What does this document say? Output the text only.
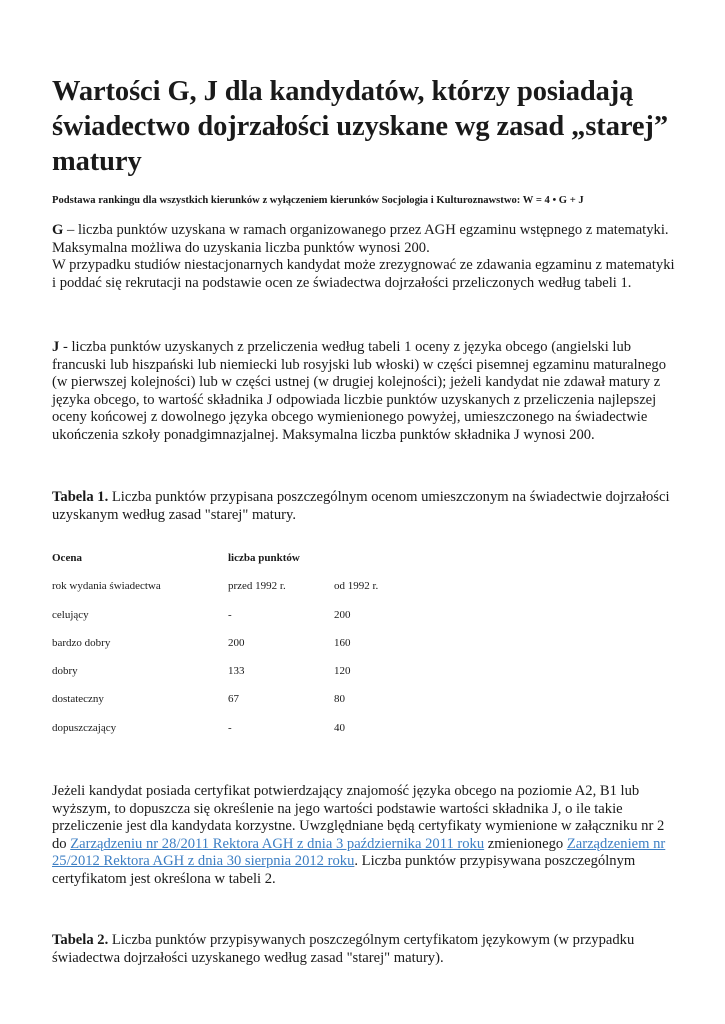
Wartości G, J dla kandydatów, którzy posiadają świadectwo dojrzałości uzyskane wg zasad „starej” matury

Podstawa rankingu dla wszystkich kierunków z wyłączeniem kierunków Socjologia i Kulturoznawstwo: W = 4 • G + J

G – liczba punktów uzyskana w ramach organizowanego przez AGH egzaminu wstępnego z matematyki.
Maksymalna możliwa do uzyskania liczba punktów wynosi 200.
W przypadku studiów niestacjonarnych kandydat może zrezygnować ze zdawania egzaminu z matematyki i poddać się rekrutacji na podstawie ocen ze świadectwa dojrzałości przeliczonych według tabeli 1.

J - liczba punktów uzyskanych z przeliczenia według tabeli 1 oceny z języka obcego (angielski lub francuski lub hiszpański lub niemiecki lub rosyjski lub włoski) w części pisemnej egzaminu maturalnego (w pierwszej kolejności) lub w części ustnej (w drugiej kolejności); jeżeli kandydat nie zdawał matury z języka obcego, to wartość składnika J odpowiada liczbie punktów uzyskanych z przeliczenia najlepszej oceny końcowej z dowolnego języka obcego wymienionego powyżej, umieszczonego na świadectwie ukończenia szkoły ponadgimnazjalnej. Maksymalna liczba punktów składnika J wynosi 200.

Tabela 1. Liczba punktów przypisana poszczególnym ocenom umieszczonym na świadectwie dojrzałości uzyskanym według zasad "starej" matury.

Ocena	liczba punktów
rok wydania świadectwa	przed 1992 r.	od 1992 r.
celujący	-	200
bardzo dobry	200	160
dobry	133	120
dostateczny	67	80
dopuszczający	-	40

Jeżeli kandydat posiada certyfikat potwierdzający znajomość języka obcego na poziomie A2, B1 lub wyższym, to dopuszcza się określenie na jego wartości podstawie wartości składnika J, o ile takie przeliczenie jest dla kandydata korzystne. Uwzględniane będą certyfikaty wymienione w załączniku nr 2 do Zarządzeniu nr 28/2011 Rektora AGH z dnia 3 października 2011 roku zmienionego Zarządzeniem nr 25/2012 Rektora AGH z dnia 30 sierpnia 2012 roku. Liczba punktów przypisywana poszczególnym certyfikatom jest określona w tabeli 2.

Tabela 2. Liczba punktów przypisywanych poszczególnym certyfikatom językowym (w przypadku świadectwa dojrzałości uzyskanego według zasad "starej" matury).
